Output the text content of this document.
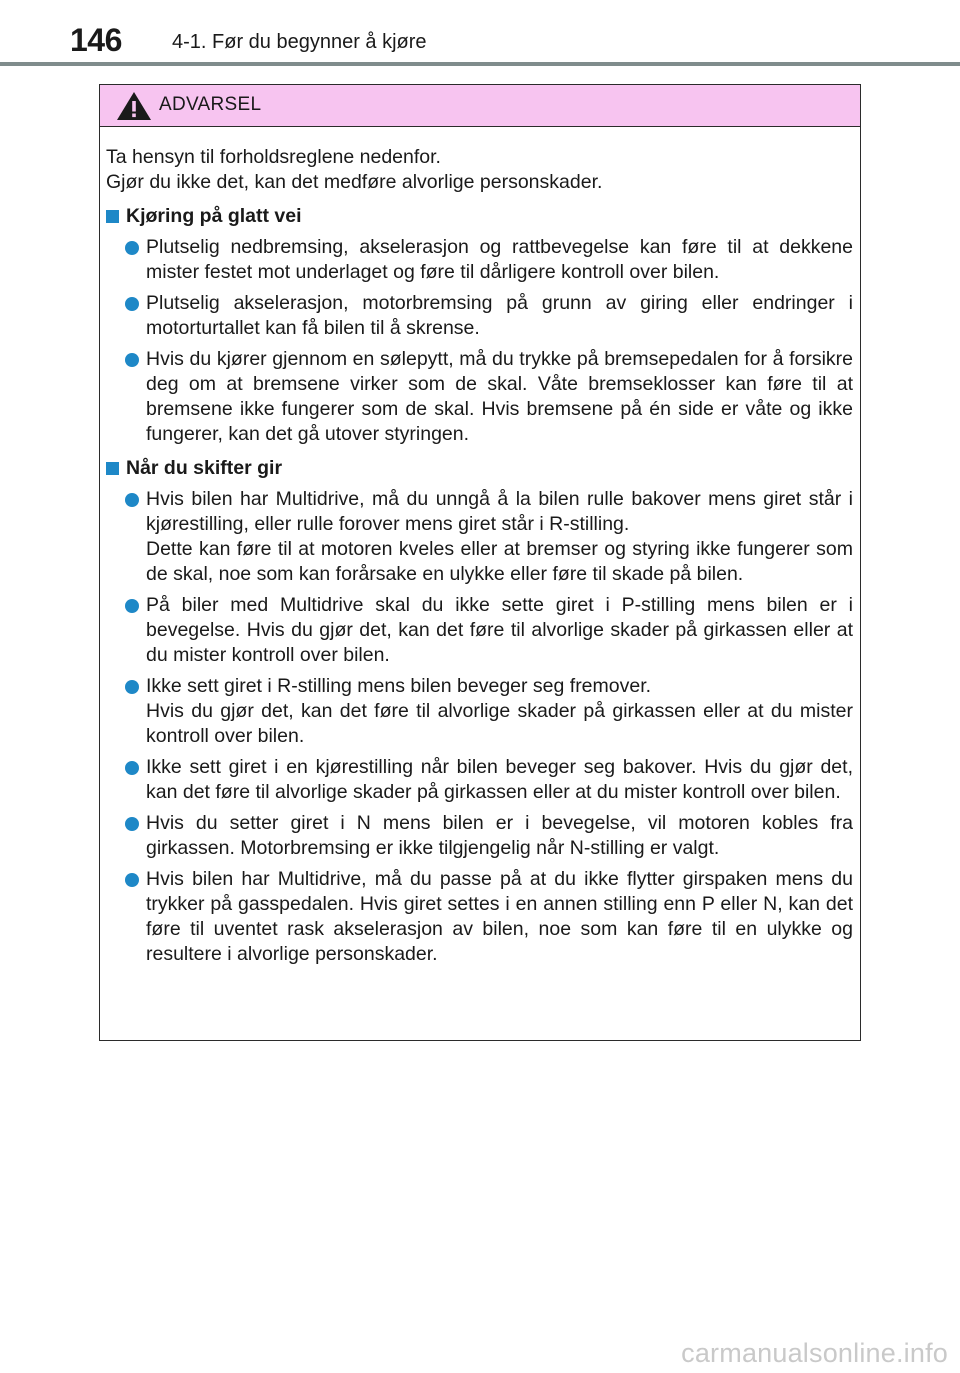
146	4-1. Før du begynner å kjøre
ADVARSEL

Ta hensyn til forholdsreglene nedenfor.
Gjør du ikke det, kan det medføre alvorlige personskader.

Kjøring på glatt vei
Plutselig nedbremsing, akselerasjon og rattbevegelse kan føre til at dekkene mister festet mot underlaget og føre til dårligere kontroll over bilen.
Plutselig akselerasjon, motorbremsing på grunn av giring eller endringer i motorturtallet kan få bilen til å skrense.
Hvis du kjører gjennom en sølepytt, må du trykke på bremsepedalen for å forsikre deg om at bremsene virker som de skal. Våte bremseklosser kan føre til at bremsene ikke fungerer som de skal. Hvis bremsene på én side er våte og ikke fungerer, kan det gå utover styringen.
Når du skifter gir
Hvis bilen har Multidrive, må du unngå å la bilen rulle bakover mens giret står i kjørestilling, eller rulle forover mens giret står i R-stilling.
Dette kan føre til at motoren kveles eller at bremser og styring ikke fungerer som de skal, noe som kan forårsake en ulykke eller føre til skade på bilen.
På biler med Multidrive skal du ikke sette giret i P-stilling mens bilen er i bevegelse. Hvis du gjør det, kan det føre til alvorlige skader på girkassen eller at du mister kontroll over bilen.
Ikke sett giret i R-stilling mens bilen beveger seg fremover.
Hvis du gjør det, kan det føre til alvorlige skader på girkassen eller at du mister kontroll over bilen.
Ikke sett giret i en kjørestilling når bilen beveger seg bakover. Hvis du gjør det, kan det føre til alvorlige skader på girkassen eller at du mister kontroll over bilen.
Hvis du setter giret i N mens bilen er i bevegelse, vil motoren kobles fra girkassen. Motorbremsing er ikke tilgjengelig når N-stilling er valgt.
Hvis bilen har Multidrive, må du passe på at du ikke flytter girspaken mens du trykker på gasspedalen. Hvis giret settes i en annen stilling enn P eller N, kan det føre til uventet rask akselerasjon av bilen, noe som kan føre til en ulykke og resultere i alvorlige personskader.
carmanualsonline.info
